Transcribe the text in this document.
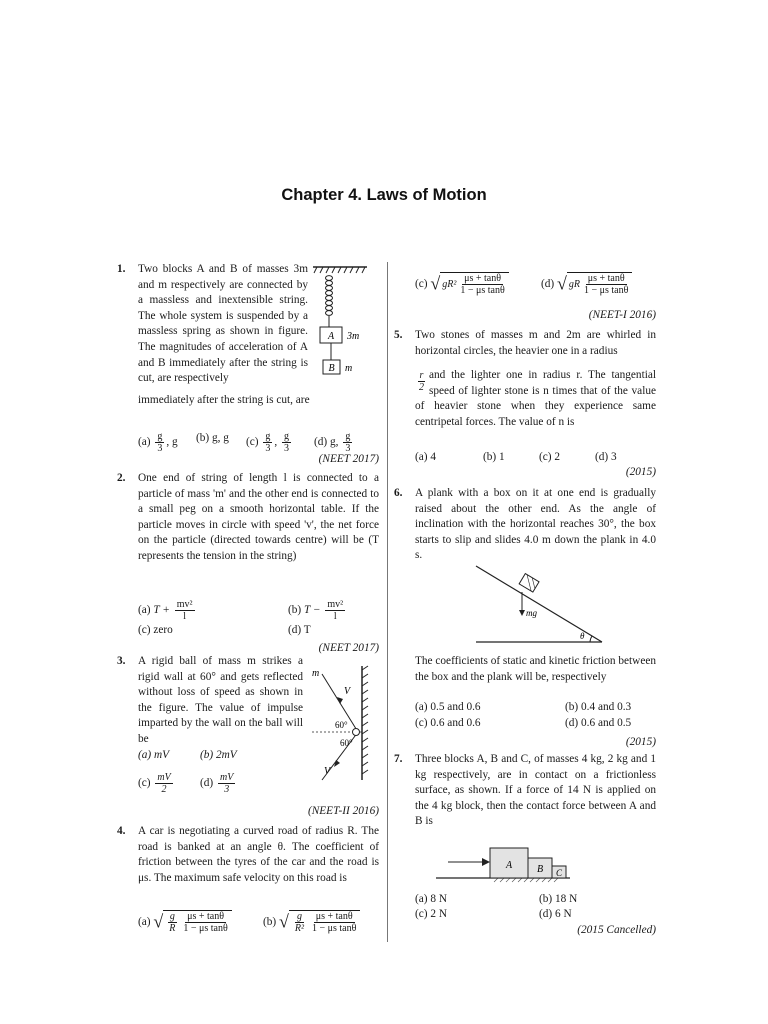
Chapter 4. Laws of Motion
1. Two blocks A and B of masses 3m and m respectively are connected by a massless and inextensible string. The whole system is suspended by a massless spring as shown in figure. The magnitudes of acceleration of A and B immediately after the string is cut, are respectively

A 3m
B m
immediately after the string is cut, are
$(a) \frac{g}{3}$ , g (b) g, g $(c) \frac{g}{3}$ , $\frac{g}{3} (d)$ g, $\frac{g}{3}$
(NEET 2017)
2. One end of string of length l is connected to a particle of mass 'm' and the other end is connected to a small peg on a smooth horizontal table. If the particle moves in circle with speed 'v', the net force on the particle (directed towards centre) will be (T represents the tension in the string)

(a) $T + \frac{\text{mv²}}{l}$	(b) $T - \frac{\text{mv²}}{l}$
(c) zero	(d) T
(NEET 2017)
3. A rigid ball of mass m strikes a rigid wall at 60° and gets reflected without loss of speed as shown in the figure. The value of impulse imparted by the wall on the ball will be

m
V
V
60°
60°
(a) mV	(b) 2mV
$(c) \frac{mV}{2} (d) \frac{mV}{3}$
(NEET-II 2016)
4. A car is negotiating a curved road of radius R. The road is banked at an angle θ. The coefficient of friction between the tyres of the car and the road is μs. The maximum safe velocity on this road is

(a) √ $\frac{g}{R} \frac{\mu s + \tan\theta}{\text{1 − μs tanθ}}$	(b) √ $\frac{g}{\text{R²}} \frac{\mu s + \tan\theta}{\text{1 − μs tanθ}}$
(c) √ $gR^2 \frac{\mu s + \tan\theta}{\text{1 − μs tanθ}}$	(d) √ gR $\frac{\mu s + \tan\theta}{\text{1 − μs tanθ}}$
(NEET-I 2016)
5. Two stones of masses m and 2m are whirled in horizontal circles, the heavier one in a radius

$\frac{r}{2}$ and the lighter one in radius r. The tangential speed of lighter stone is n times that of the value of heavier stone when they experience same centripetal forces. The value of n is

(a) 4	(b) 1	(c) 2	(d) 3
(2015)
6. A plank with a box on it at one end is gradually raised about the other end. As the angle of inclination with the horizontal reaches 30°, the box starts to slip and slides 4.0 m down the plank in 4.0 s.

mg
θ

The coefficients of static and kinetic friction between the box and the plank will be, respectively

(a) 0.5 and 0.6	(b) 0.4 and 0.3
(c) 0.6 and 0.6	(d) 0.6 and 0.5
(2015)
7. Three blocks A, B and C, of masses 4 kg, 2 kg and 1 kg respectively, are in contact on a frictionless surface, as shown. If a force of 14 N is applied on the 4 kg block, then the contact force between A and B is

A B C
(a) 8 N	(b) 18 N
(c) 2 N	(d) 6 N
(2015 Cancelled)
